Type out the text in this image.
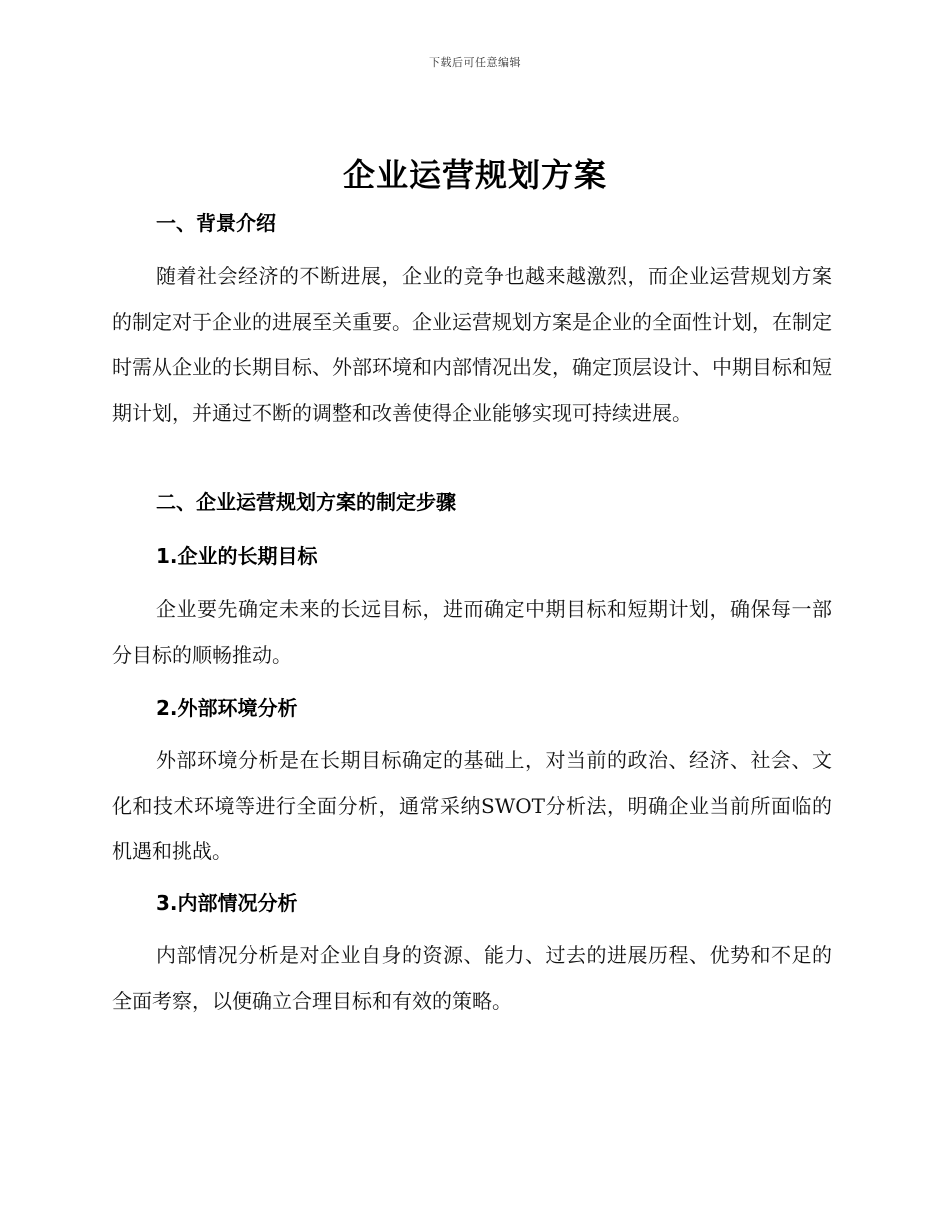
下载后可任意编辑
企业运营规划方案
一、背景介绍
随着社会经济的不断进展，企业的竞争也越来越激烈，而企业运营规划方案的制定对于企业的进展至关重要。企业运营规划方案是企业的全面性计划，在制定时需从企业的长期目标、外部环境和内部情况出发，确定顶层设计、中期目标和短期计划，并通过不断的调整和改善使得企业能够实现可持续进展。
二、企业运营规划方案的制定步骤
1.企业的长期目标
企业要先确定未来的长远目标，进而确定中期目标和短期计划，确保每一部分目标的顺畅推动。
2.外部环境分析
外部环境分析是在长期目标确定的基础上，对当前的政治、经济、社会、文化和技术环境等进行全面分析，通常采纳SWOT分析法，明确企业当前所面临的机遇和挑战。
3.内部情况分析
内部情况分析是对企业自身的资源、能力、过去的进展历程、优势和不足的全面考察，以便确立合理目标和有效的策略。
